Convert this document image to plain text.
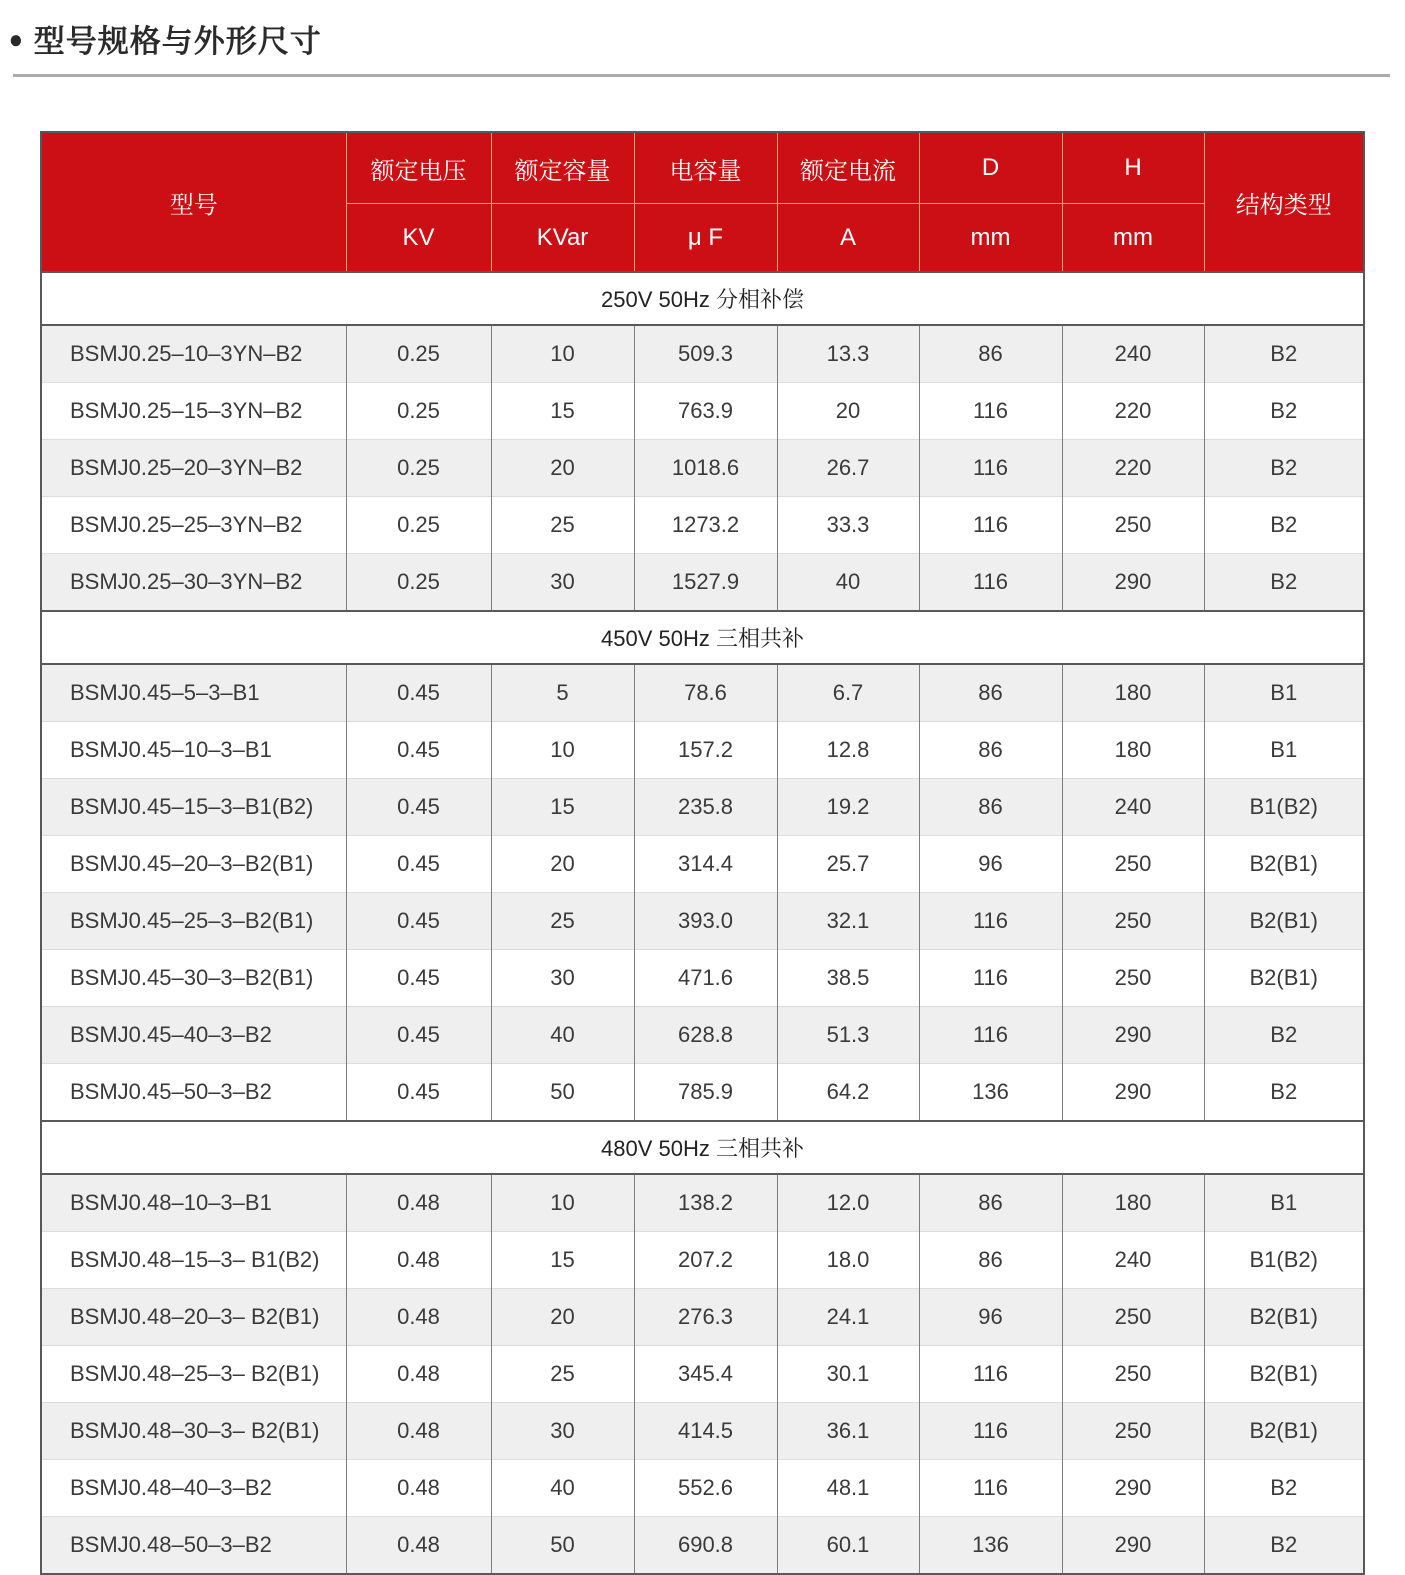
● 型号规格与外形尺寸
型号	额定电压	额定容量	电容量	额定电流	D	H	结构类型
	KV	KVar	μ F	A	mm	mm	
250V 50Hz 分相补偿							
BSMJ0.25–10–3YN–B2	0.25	10	509.3	13.3	86	240	B2
BSMJ0.25–15–3YN–B2	0.25	15	763.9	20	116	220	B2
BSMJ0.25–20–3YN–B2	0.25	20	1018.6	26.7	116	220	B2
BSMJ0.25–25–3YN–B2	0.25	25	1273.2	33.3	116	250	B2
BSMJ0.25–30–3YN–B2	0.25	30	1527.9	40	116	290	B2
450V 50Hz 三相共补							
BSMJ0.45–5–3–B1	0.45	5	78.6	6.7	86	180	B1
BSMJ0.45–10–3–B1	0.45	10	157.2	12.8	86	180	B1
BSMJ0.45–15–3–B1(B2)	0.45	15	235.8	19.2	86	240	B1(B2)
BSMJ0.45–20–3–B2(B1)	0.45	20	314.4	25.7	96	250	B2(B1)
BSMJ0.45–25–3–B2(B1)	0.45	25	393.0	32.1	116	250	B2(B1)
BSMJ0.45–30–3–B2(B1)	0.45	30	471.6	38.5	116	250	B2(B1)
BSMJ0.45–40–3–B2	0.45	40	628.8	51.3	116	290	B2
BSMJ0.45–50–3–B2	0.45	50	785.9	64.2	136	290	B2
480V 50Hz 三相共补							
BSMJ0.48–10–3–B1	0.48	10	138.2	12.0	86	180	B1
BSMJ0.48–15–3– B1(B2)	0.48	15	207.2	18.0	86	240	B1(B2)
BSMJ0.48–20–3– B2(B1)	0.48	20	276.3	24.1	96	250	B2(B1)
BSMJ0.48–25–3– B2(B1)	0.48	25	345.4	30.1	116	250	B2(B1)
BSMJ0.48–30–3– B2(B1)	0.48	30	414.5	36.1	116	250	B2(B1)
BSMJ0.48–40–3–B2	0.48	40	552.6	48.1	116	290	B2
BSMJ0.48–50–3–B2	0.48	50	690.8	60.1	136	290	B2
